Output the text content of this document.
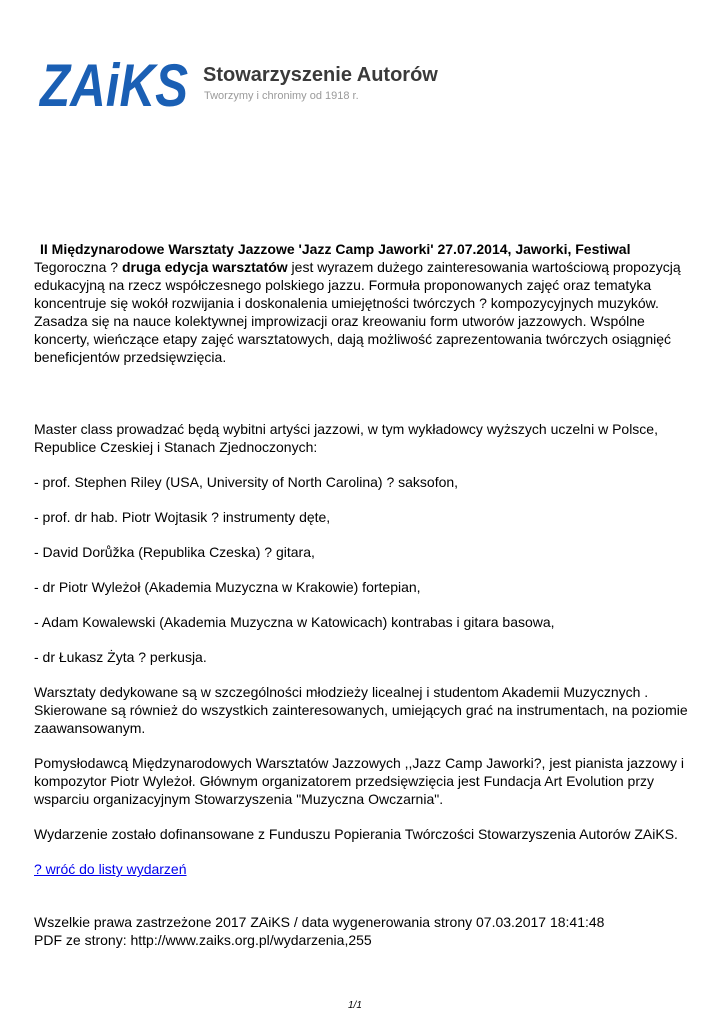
ZAiKS Stowarzyszenie Autorów
Tworzymy i chronimy od 1918 r.

II Międzynarodowe Warsztaty Jazzowe 'Jazz Camp Jaworki' 27.07.2014, Jaworki, Festiwal Tegoroczna ? druga edycja warsztatów jest wyrazem dużego zainteresowania wartościową propozycją edukacyjną na rzecz współczesnego polskiego jazzu. Formuła proponowanych zajęć oraz tematyka koncentruje się wokół rozwijania i doskonalenia umiejętności twórczych ? kompozycyjnych muzyków. Zasadza się na nauce kolektywnej improwizacji oraz kreowaniu form utworów jazzowych. Wspólne koncerty, wieńczące etapy zajęć warsztatowych, dają możliwość zaprezentowania twórczych osiągnięć beneficjentów przedsięwzięcia.

Master class prowadzać będą wybitni artyści jazzowi, w tym wykładowcy wyższych uczelni w Polsce, Republice Czeskiej i Stanach Zjednoczonych:

- prof. Stephen Riley (USA, University of North Carolina) ? saksofon,

- prof. dr hab. Piotr Wojtasik ? instrumenty dęte,

- David Dorůžka (Republika Czeska) ? gitara,

- dr Piotr Wyleżoł (Akademia Muzyczna w Krakowie) fortepian,

- Adam Kowalewski (Akademia Muzyczna w Katowicach) kontrabas i gitara basowa,

- dr Łukasz Żyta ? perkusja.

Warsztaty dedykowane są w szczególności młodzieży licealnej i studentom Akademii Muzycznych . Skierowane są również do wszystkich zainteresowanych, umiejących grać na instrumentach, na poziomie zaawansowanym.

Pomysłodawcą Międzynarodowych Warsztatów Jazzowych ,,Jazz Camp Jaworki?, jest pianista jazzowy i kompozytor Piotr Wyleżoł. Głównym organizatorem przedsięwzięcia jest Fundacja Art Evolution przy wsparciu organizacyjnym Stowarzyszenia "Muzyczna Owczarnia".

Wydarzenie zostało dofinansowane z Funduszu Popierania Twórczości Stowarzyszenia Autorów ZAiKS.

? wróć do listy wydarzeń

Wszelkie prawa zastrzeżone 2017 ZAiKS / data wygenerowania strony 07.03.2017 18:41:48
PDF ze strony: http://www.zaiks.org.pl/wydarzenia,255
1/1
